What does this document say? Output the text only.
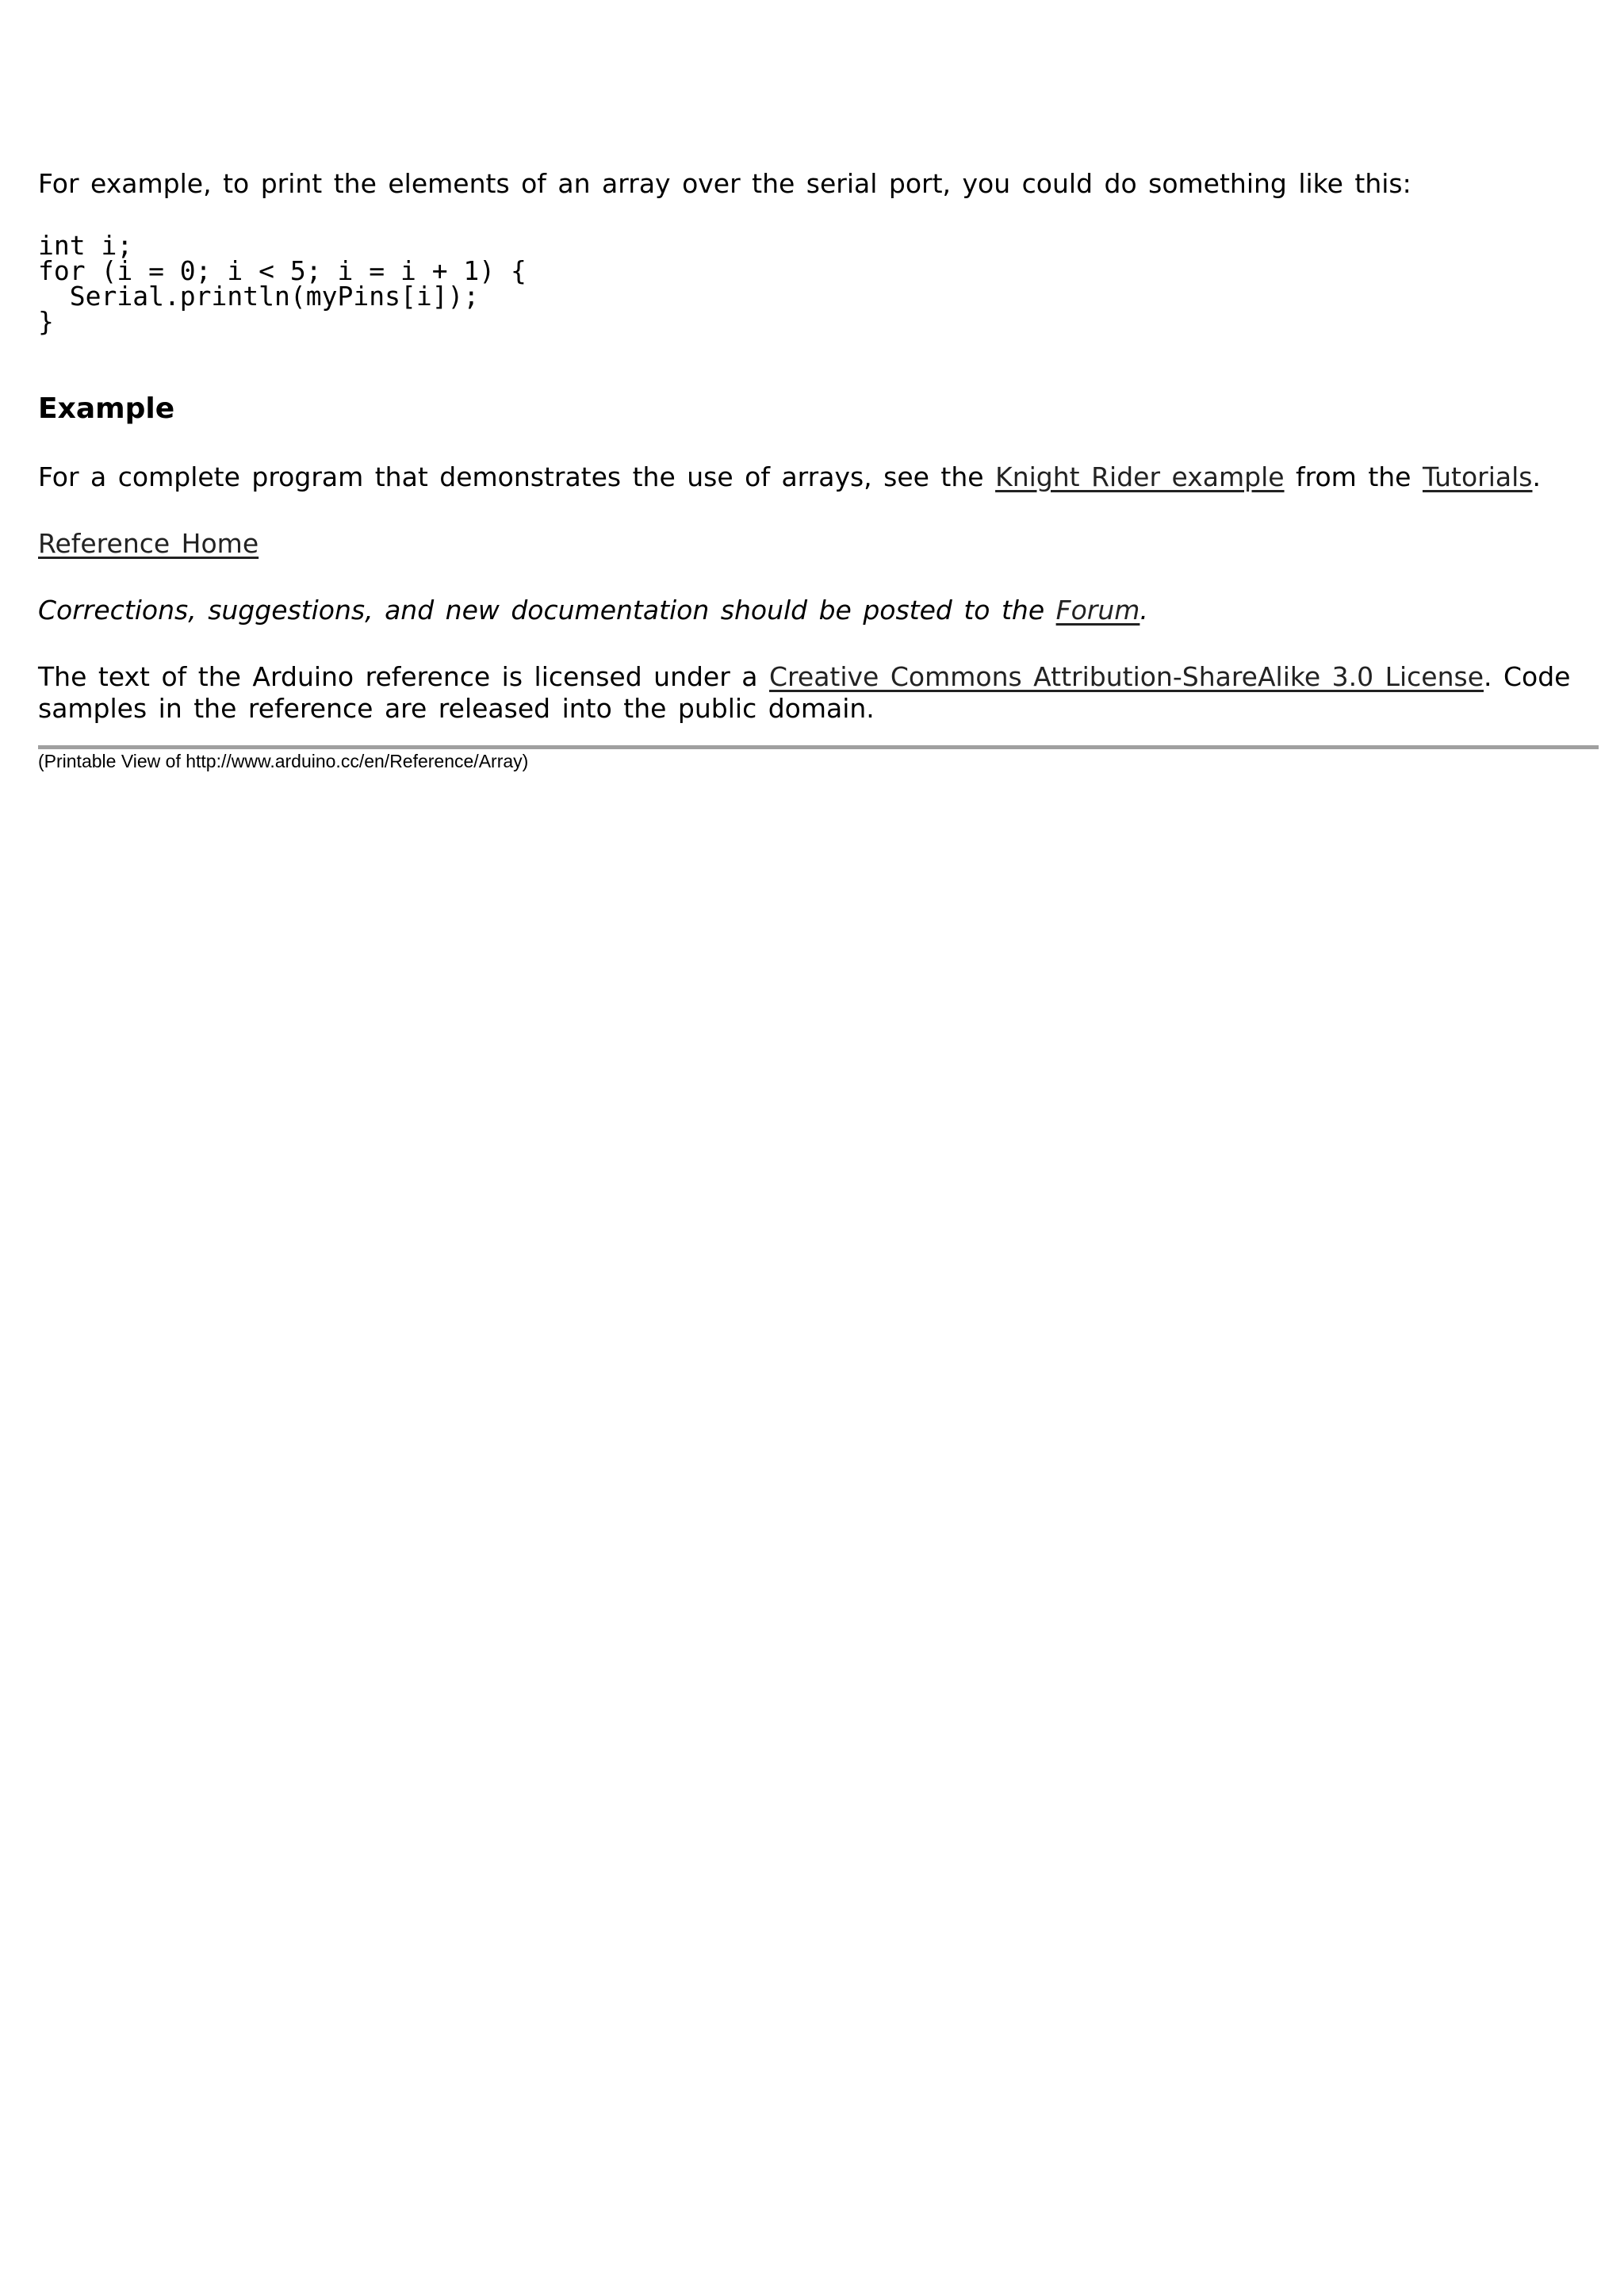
For example, to print the elements of an array over the serial port, you could do something like this:

int i;
for (i = 0; i < 5; i = i + 1) {
Serial.println(myPins[i]);
}
Example

For a complete program that demonstrates the use of arrays, see the Knight Rider example from the Tutorials.

Reference Home

Corrections, suggestions, and new documentation should be posted to the Forum.

The text of the Arduino reference is licensed under a Creative Commons Attribution-ShareAlike 3.0 License. Code samples in the reference are released into the public domain.

(Printable View of http://www.arduino.cc/en/Reference/Array)
